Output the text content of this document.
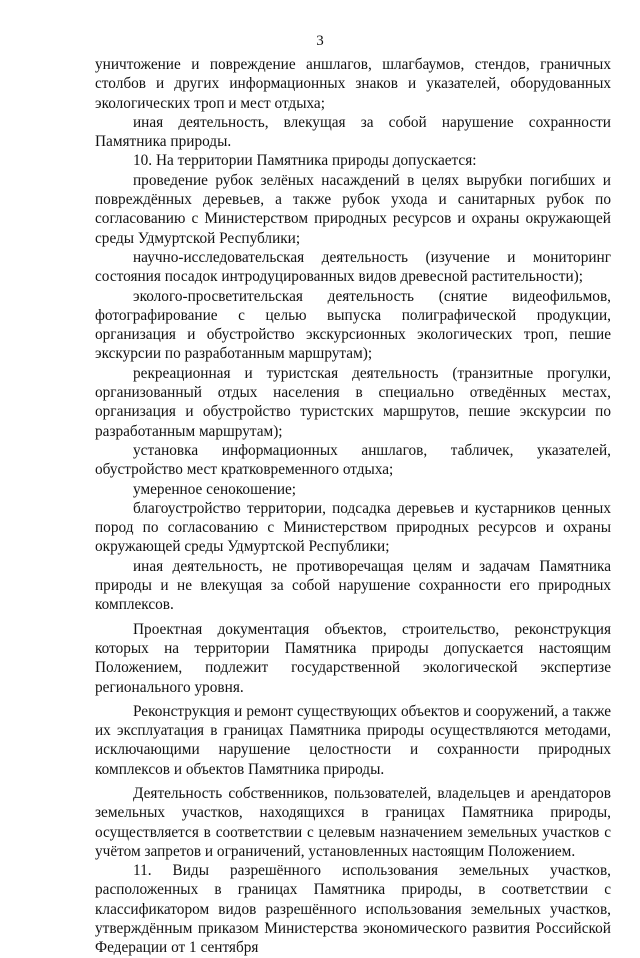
3

уничтожение и повреждение аншлагов, шлагбаумов, стендов, граничных столбов и других информационных знаков и указателей, оборудованных экологических троп и мест отдыха;

иная деятельность, влекущая за собой нарушение сохранности Памятника природы.

10. На территории Памятника природы допускается:

проведение рубок зелёных насаждений в целях вырубки погибших и повреждённых деревьев, а также рубок ухода и санитарных рубок по согласованию с Министерством природных ресурсов и охраны окружающей среды Удмуртской Республики;

научно-исследовательская деятельность (изучение и мониторинг состояния посадок интродуцированных видов древесной растительности);

эколого-просветительская деятельность (снятие видеофильмов, фотографирование с целью выпуска полиграфической продукции, организация и обустройство экскурсионных экологических троп, пешие экскурсии по разработанным маршрутам);

рекреационная и туристская деятельность (транзитные прогулки, организованный отдых населения в специально отведённых местах, организация и обустройство туристских маршрутов, пешие экскурсии по разработанным маршрутам);

установка информационных аншлагов, табличек, указателей, обустройство мест кратковременного отдыха;

умеренное сенокошение;

благоустройство территории, подсадка деревьев и кустарников ценных пород по согласованию с Министерством природных ресурсов и охраны окружающей среды Удмуртской Республики;

иная деятельность, не противоречащая целям и задачам Памятника природы и не влекущая за собой нарушение сохранности его природных комплексов.

Проектная документация объектов, строительство, реконструкция которых на территории Памятника природы допускается настоящим Положением, подлежит государственной экологической экспертизе регионального уровня.

Реконструкция и ремонт существующих объектов и сооружений, а также их эксплуатация в границах Памятника природы осуществляются методами, исключающими нарушение целостности и сохранности природных комплексов и объектов Памятника природы.

Деятельность собственников, пользователей, владельцев и арендаторов земельных участков, находящихся в границах Памятника природы, осуществляется в соответствии с целевым назначением земельных участков с учётом запретов и ограничений, установленных настоящим Положением.

11. Виды разрешённого использования земельных участков, расположенных в границах Памятника природы, в соответствии с классификатором видов разрешённого использования земельных участков, утверждённым приказом Министерства экономического развития Российской Федерации от 1 сентября
